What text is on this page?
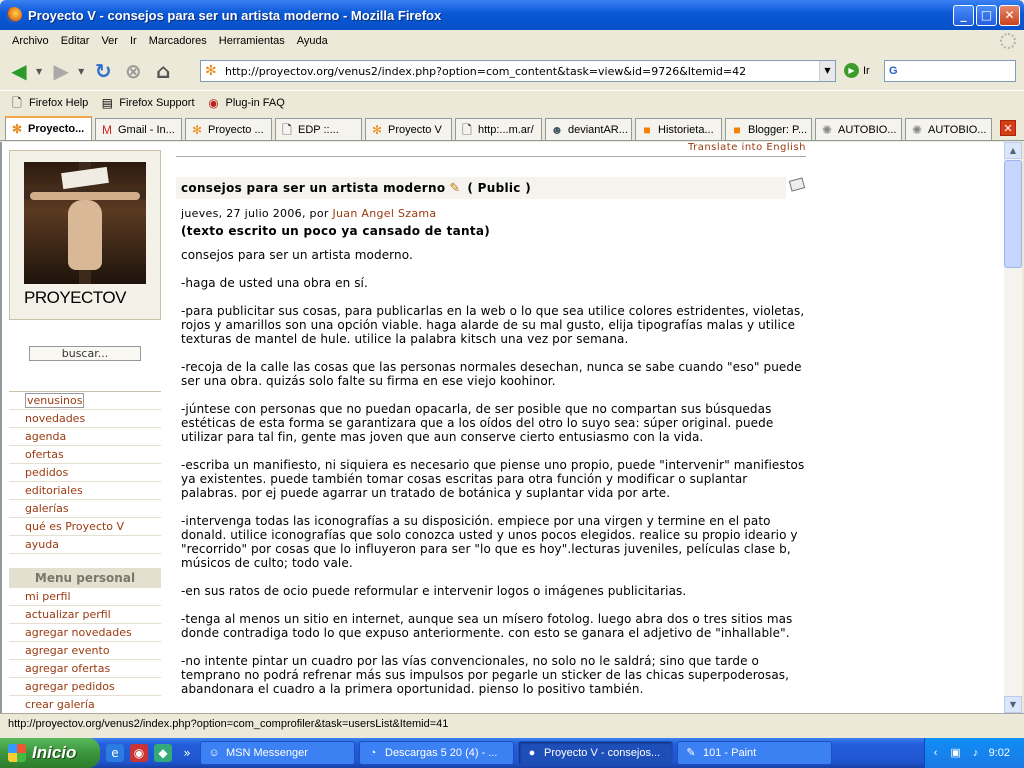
Proyecto V - consejos para ser un artista moderno - Mozilla Firefox	_	□	✕
Archivo	Editar	Ver	Ir	Marcadores	Herramientas	Ayuda
◀	▼ ▶	▼ ↻ ⊗ ⌂	✻
http://proyectov.org/venus2/index.php?option=com_content&task=view&id=9726&Itemid=42	▼	▶ Ir	G
🗋 Firefox Help ▤ Firefox Support ◉ Plug-in FAQ
✻ Proyecto... M Gmail - In... ✻ Proyecto ... 🗋 EDP ::...	✻ Proyecto V 🗋 http:...m.ar/ ☻ deviantAR... ■ Historieta... ■ Blogger: P... ✺ AUTOBIO... ✺ AUTOBIO...	✕
PROYECTOV
buscar...
venusinos
novedades
agenda
ofertas
pedidos
editoriales
galerías
qué es Proyecto V
ayuda
Menu personal
mi perfil
actualizar perfil
agregar novedades
agregar evento
agregar ofertas
agregar pedidos
crear galería
Translate into English
consejos para ser un artista moderno ✎ ( Public )
jueves, 27 julio 2006, por Juan Angel Szama
(texto escrito un poco ya cansado de tanta)

consejos para ser un artista moderno.

-haga de usted una obra en sí.

-para publicitar sus cosas, para publicarlas en la web o lo que sea utilice colores estridentes, violetas, rojos y amarillos son una opción viable. haga alarde de su mal gusto, elija tipografías malas y utilice texturas de mantel de hule. utilice la palabra kitsch una vez por semana.

-recoja de la calle las cosas que las personas normales desechan, nunca se sabe cuando "eso" puede ser una obra. quizás solo falte su firma en ese viejo koohinor.

-júntese con personas que no puedan opacarla, de ser posible que no compartan sus búsquedas estéticas de esta forma se garantizara que a los oídos del otro lo suyo sea: súper original. puede utilizar para tal fin, gente mas joven que aun conserve cierto entusiasmo con la vida.

-escriba un manifiesto, ni siquiera es necesario que piense uno propio, puede "intervenir" manifiestos ya existentes. puede también tomar cosas escritas para otra función y modificar o suplantar palabras. por ej puede agarrar un tratado de botánica y suplantar vida por arte.

-intervenga todas las iconografías a su disposición. empiece por una virgen y termine en el pato donald. utilice iconografías que solo conozca usted y unos pocos elegidos. realice su propio ideario y "recorrido" por cosas que lo influyeron para ser "lo que es hoy".lecturas juveniles, películas clase b, músicos de culto; todo vale.

-en sus ratos de ocio puede reformular e intervenir logos o imágenes publicitarias.

-tenga al menos un sitio en internet, aunque sea un mísero fotolog. luego abra dos o tres sitios mas donde contradiga todo lo que expuso anteriormente. con esto se ganara el adjetivo de "inhallable".

-no intente pintar un cuadro por las vías convencionales, no solo no le saldrá; sino que tarde o temprano no podrá refrenar más sus impulsos por pegarle un sticker de las chicas superpoderosas, abandonara el cuadro a la primera oportunidad. pienso lo positivo también.

▲
▼
http://proyectov.org/venus2/index.php?option=com_comprofiler&task=usersList&Itemid=41
Inicio	e	◉	◆	»	☺ MSN Messenger	◔ Descargas 5 20 (4) - ...	● Proyecto V - consejos... ✎ 101 - Paint	‹	▣	♪ 9:02
